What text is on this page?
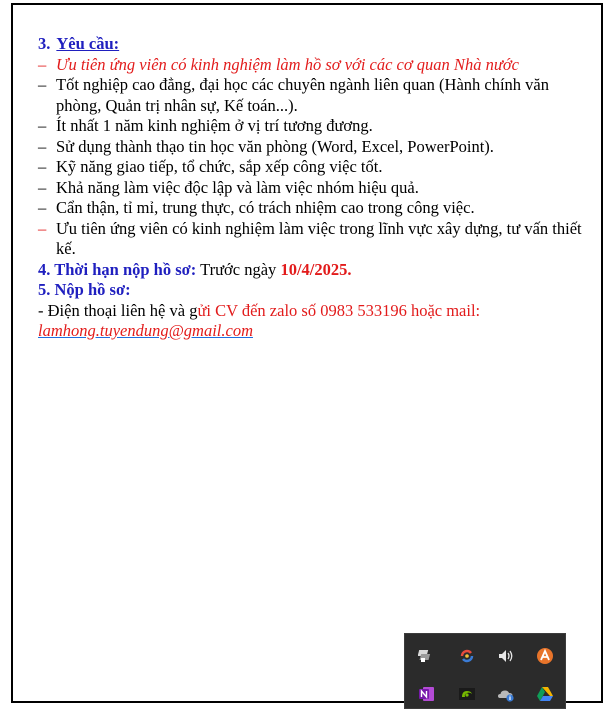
3. Yêu cầu:
– Ưu tiên ứng viên có kinh nghiệm làm hồ sơ với các cơ quan Nhà nước
– Tốt nghiệp cao đẳng, đại học các chuyên ngành liên quan (Hành chính văn phòng, Quản trị nhân sự, Kế toán...).
– Ít nhất 1 năm kinh nghiệm ở vị trí tương đương.
– Sử dụng thành thạo tin học văn phòng (Word, Excel, PowerPoint).
– Kỹ năng giao tiếp, tổ chức, sắp xếp công việc tốt.
– Khả năng làm việc độc lập và làm việc nhóm hiệu quả.
– Cẩn thận, tỉ mỉ, trung thực, có trách nhiệm cao trong công việc.
– Ưu tiên ứng viên có kinh nghiệm làm việc trong lĩnh vực xây dựng, tư vấn thiết kế.
4. Thời hạn nộp hồ sơ: Trước ngày 10/4/2025.
5. Nộp hồ sơ:
- Điện thoại liên hệ và gửi CV đến zalo số 0983 533196 hoặc mail:
lamhong.tuyendung@gmail.com
